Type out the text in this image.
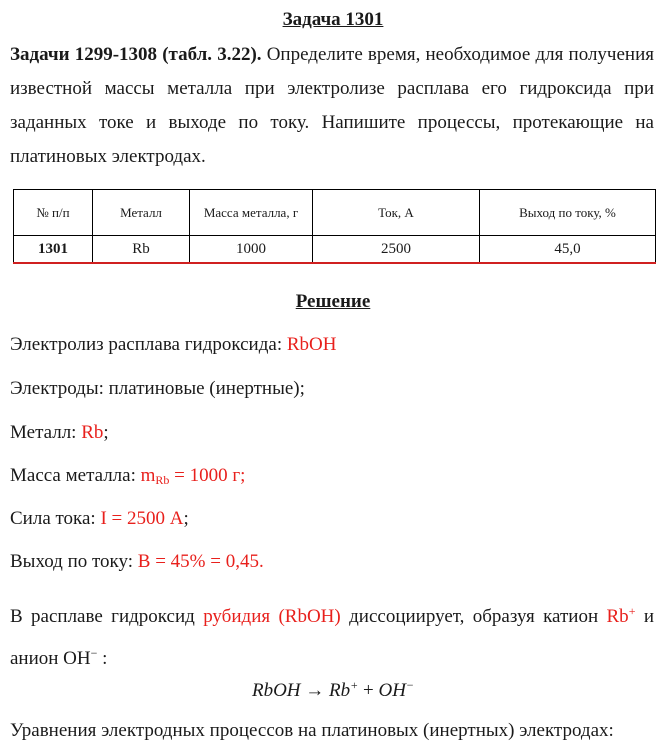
Задача 1301
Задачи 1299-1308 (табл. 3.22). Определите время, необходимое для получения известной массы металла при электролизе расплава его гидроксида при заданных токе и выходе по току. Напишите процессы, протекающие на платиновых электродах.
№ п/п	Металл	Масса металла, г	Ток, А	Выход по току, %
1301	Rb	1000	2500	45,0
Решение
Электролиз расплава гидроксида: RbOH
Электроды: платиновые (инертные);
Металл: Rb;
Масса металла: $m_{Rb} = 1000$ г;
Сила тока: I = 2500 А;
Выход по току: В = 45% = 0,45.
В расплаве гидроксид рубидия (RbOH) диссоциирует, образуя катион Rb+ и анион ОН− :
RbOH → Rb+ + OH−
Уравнения электродных процессов на платиновых (инертных) электродах:
